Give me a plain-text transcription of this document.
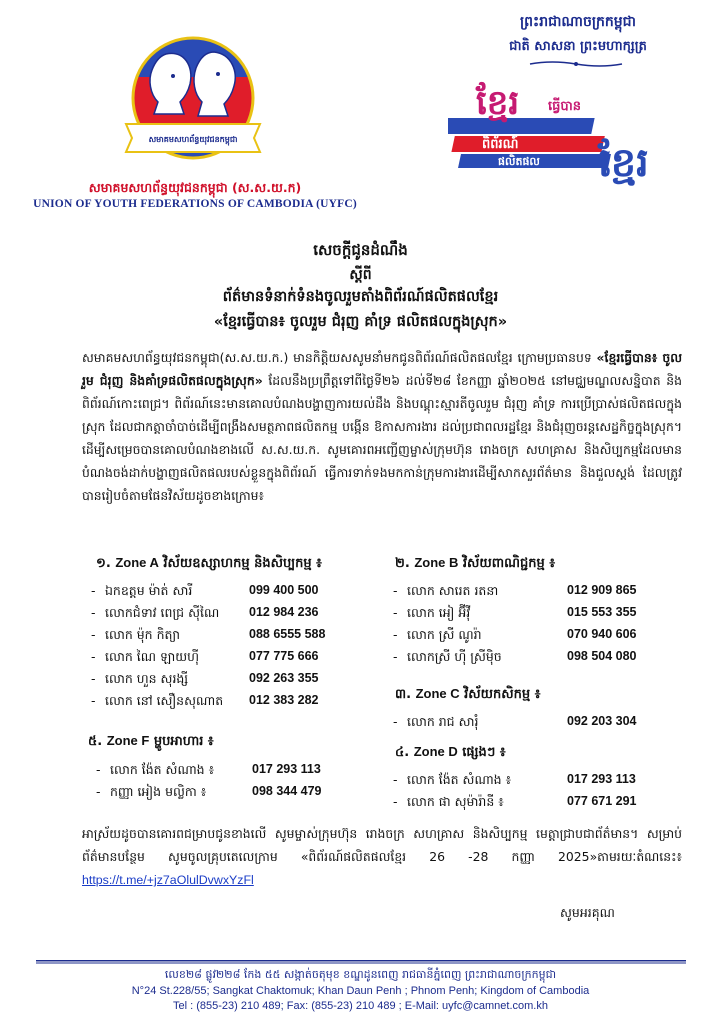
សមាគមសហព័ន្ធយុវជនកម្ពុជា
សមាគមសហព័ន្ធយុវជនកម្ពុជា (ស.ស.យ.ក)
UNION OF YOUTH FEDERATIONS OF CAMBODIA (UYFC)
ព្រះរាជាណាចក្រកម្ពុជា
ជាតិ សាសនា ព្រះមហាក្សត្រ
ខ្មែរ ធ្វើបាន
ពិព័រណ៍
ផលិតផល ខ្មែរ
សេចក្តីជូនដំណឹង
ស្តីពី
ព័ត៌មានទំនាក់ទំនងចូលរួមតាំងពិព័រណ៍ផលិតផលខ្មែរ
«ខ្មែរធ្វើបាន៖ ចូលរួម ជំរុញ គាំទ្រ ផលិតផលក្នុងស្រុក»
សមាគមសហព័ន្ធយុវជនកម្ពុជា(ស.ស.យ.ក.) មានកិត្តិយសសូមនាំមកជូនពិព័រណ៍ផលិតផលខ្មែរ ក្រោមប្រធានបទ «ខ្មែរធ្វើបាន៖ ចូលរួម ជំរុញ និងគាំទ្រផលិតផលក្នុងស្រុក» ដែលនឹងប្រព្រឹត្តទៅពីថ្ងៃទី២៦ ដល់ទី២៨ ខែកញ្ញា ឆ្នាំ២០២៥ នៅមជ្ឈមណ្ឌលសន្និបាត និងពិព័រណ៍កោះពេជ្រ។ ពិព័រណ៍នេះមានគោលបំណងបង្ហាញការយល់ដឹង និងបណ្តុះស្មារតីចូលរួម ជំរុញ គាំទ្រ ការប្រើប្រាស់ផលិតផលក្នុងស្រុក ដែលជាកត្តាចាំបាច់ដើម្បីពង្រឹងសមត្ថភាពផលិតកម្ម បង្កើន ឱកាសការងារ ដល់ប្រជាពលរដ្ឋខ្មែរ និងជំរុញចរន្តសេដ្ឋកិច្ចក្នុងស្រុក។ ដើម្បីសម្រេចបានគោលបំណងខាងលើ ស.ស.យ.ក. សូមគោរពអញ្ជើញម្ចាស់ក្រុមហ៊ុន រោងចក្រ សហគ្រាស និងសិប្បកម្មដែលមានបំណងចង់ដាក់បង្ហាញផលិតផលរបស់ខ្លួនក្នុងពិព័រណ៍ ធ្វើការទាក់ទងមកកាន់ក្រុមការងារដើម្បីសាកសួរព័ត៌មាន និងជួលស្តង់ ដែលត្រូវបានរៀបចំតាមផែនវិស័យដូចខាងក្រោម៖
១. Zone A វិស័យឧស្សាហកម្ម និងសិប្បកម្ម ៖
- ឯកឧត្តម ម៉ាត់ សារី	099 400 500
- លោកជំទាវ ពេជ្រ ស៊ីណៃ 012 984 236
- លោក ម៉ុក កិត្យា	088 6555 588
- លោក ណៃ ឡាយហ៊ី	077 775 666
- លោក ហួន សុរង្សី	092 263 355
- លោក នៅ សឿនសុណាត 012 383 282
២. Zone B វិស័យពាណិជ្ជកម្ម ៖
- លោក សារេត រតនា	012 909 865
- លោក អៀ អ៊ីវ៉ី	015 553 355
- លោក ស្រី ណូរ៉ា	070 940 606
- លោកស្រី ហ៊ី ស្រីម៉ិច	098 504 080
៣. Zone C វិស័យកសិកម្ម ៖
- លោក រាជ សារុំ	092 203 304
៥. Zone F ម្ហូបអាហារ ៖
- លោក ង៉ែត សំណាង ៖	017 293 113
- កញ្ញា អៀង មល្លិកា ៖	098 344 479
៤. Zone D ផ្សេងៗ ៖
- លោក ង៉ែត សំណាង ៖	017 293 113
- លោក ផា សុម៉ារ៉ានី ៖	077 671 291
អាស្រ័យដូចបានគោរពជម្រាបជូនខាងលើ សូមម្ចាស់ក្រុមហ៊ុន រោងចក្រ សហគ្រាស និងសិប្បកម្ម មេត្តាជ្រាបជាព័ត៌មាន។ សម្រាប់ព័ត៌មានបន្ថែម សូមចូលគ្រុបតេលេក្រាម «ពិព័រណ៍ផលិតផលខ្មែរ 26 -28 កញ្ញា 2025»តាមរយៈតំណនេះ៖ https://t.me/+jz7aOlulDvwxYzFl
សូមអរគុណ
លេខ២៨ ផ្លូវ២២៨ កែង ៥៥ សង្កាត់ចតុមុខ ខណ្ឌដូនពេញ រាជធានីភ្នំពេញ ព្រះរាជាណាចក្រកម្ពុជា
N°24 St.228/55; Sangkat Chaktomuk; Khan Daun Penh ; Phnom Penh; Kingdom of Cambodia
Tel : (855-23) 210 489; Fax: (855-23) 210 489 ; E-Mail: uyfc@camnet.com.kh
